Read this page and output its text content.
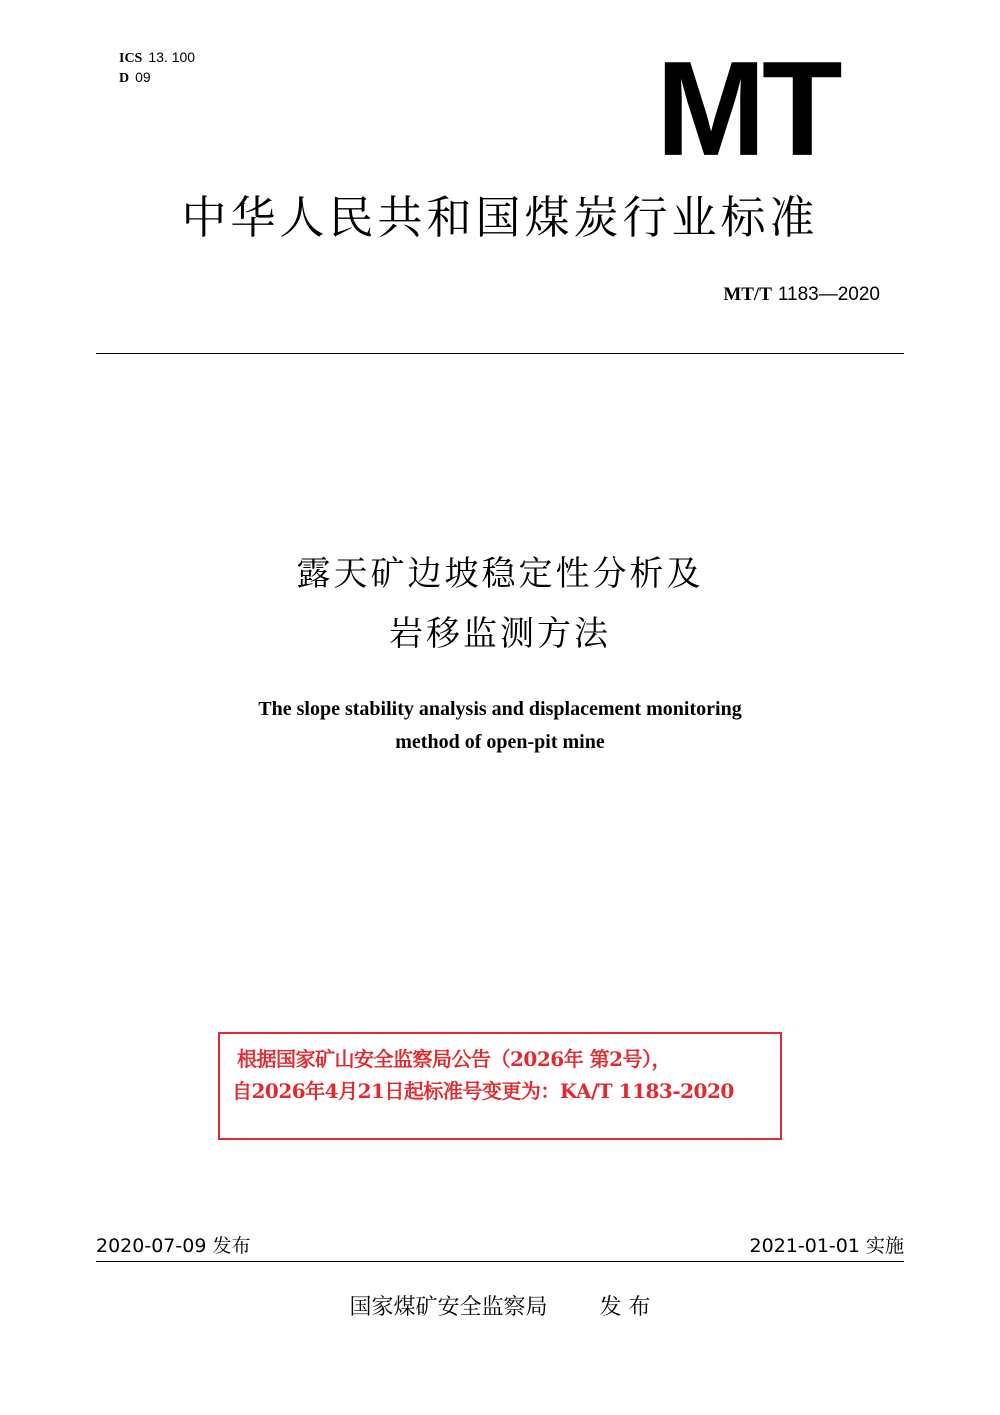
ICS 13. 100
D 09	MT
中华人民共和国煤炭行业标准
MT/T 1183—2020
露天矿边坡稳定性分析及
岩移监测方法
The slope stability analysis and displacement monitoring
method of open-pit mine
根据国家矿山安全监察局公告（2026年 第2号），
自2026年4月21日起标准号变更为：KA/T 1183-2020
2020-07-09 发布	2021-01-01 实施
国家煤矿安全监察局 发 布
